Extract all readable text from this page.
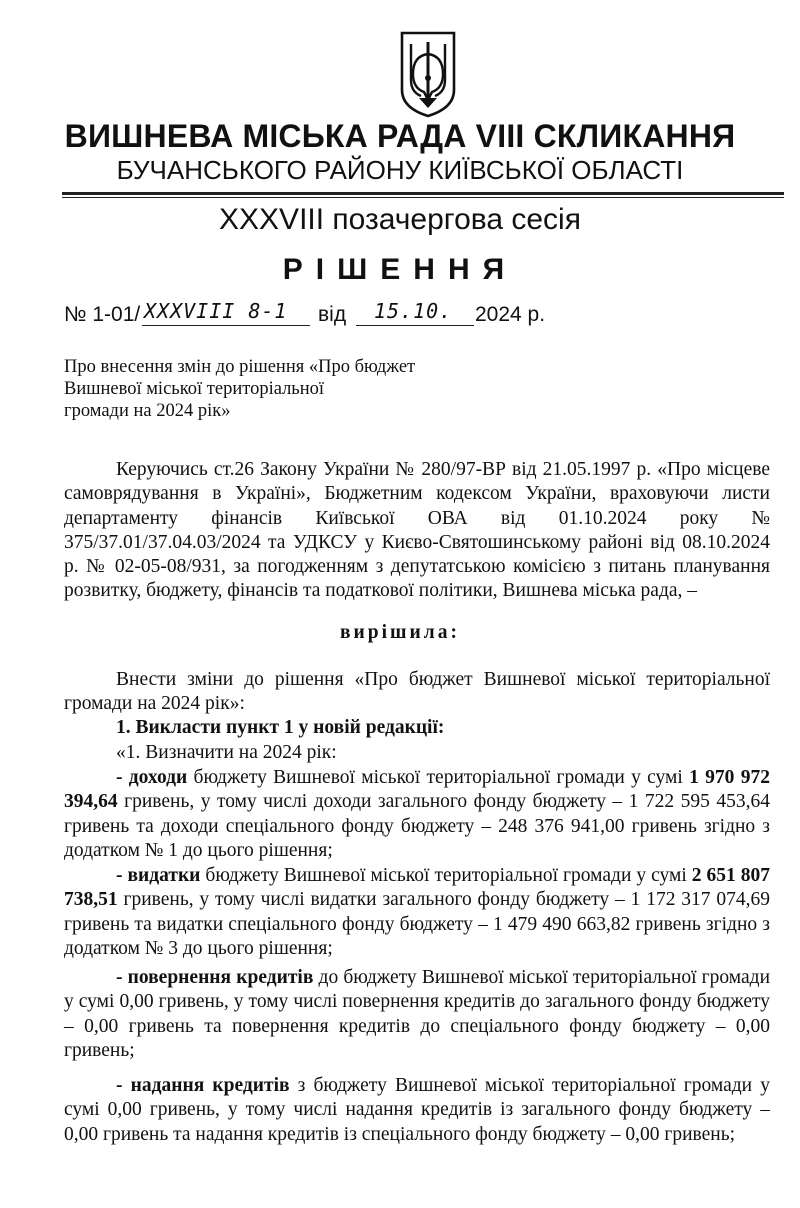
ВИШНЕВА МІСЬКА РАДА VIII СКЛИКАННЯ
БУЧАНСЬКОГО РАЙОНУ КИЇВСЬКОЇ ОБЛАСТІ
XXXVIII позачергова сесія
РІШЕННЯ
№ 1-01/ XXXVIII 8-1 від 15.10. 2024 р.
Про внесення змін до рішення «Про бюджет
Вишневої міської територіальної
громади на 2024 рік»

Керуючись ст.26 Закону України № 280/97-ВР від 21.05.1997 р. «Про місцеве самоврядування в Україні», Бюджетним кодексом України, враховуючи листи департаменту фінансів Київської ОВА від 01.10.2024 року № 375/37.01/37.04.03/2024 та УДКСУ у Києво-Святошинському районі від 08.10.2024 р. № 02-05-08/931, за погодженням з депутатською комісією з питань планування розвитку, бюджету, фінансів та податкової політики, Вишнева міська рада, –

вирішила:

Внести зміни до рішення «Про бюджет Вишневої міської територіальної громади на 2024 рік»:

1. Викласти пункт 1 у новій редакції:

«1. Визначити на 2024 рік:

- доходи бюджету Вишневої міської територіальної громади у сумі 1 970 972 394,64 гривень, у тому числі доходи загального фонду бюджету – 1 722 595 453,64 гривень та доходи спеціального фонду бюджету – 248 376 941,00 гривень згідно з додатком № 1 до цього рішення;

- видатки бюджету Вишневої міської територіальної громади у сумі 2 651 807 738,51 гривень, у тому числі видатки загального фонду бюджету – 1 172 317 074,69 гривень та видатки спеціального фонду бюджету – 1 479 490 663,82 гривень згідно з додатком № 3 до цього рішення;

- повернення кредитів до бюджету Вишневої міської територіальної громади у сумі 0,00 гривень, у тому числі повернення кредитів до загального фонду бюджету – 0,00 гривень та повернення кредитів до спеціального фонду бюджету – 0,00 гривень;

- надання кредитів з бюджету Вишневої міської територіальної громади у сумі 0,00 гривень, у тому числі надання кредитів із загального фонду бюджету – 0,00 гривень та надання кредитів із спеціального фонду бюджету – 0,00 гривень;
